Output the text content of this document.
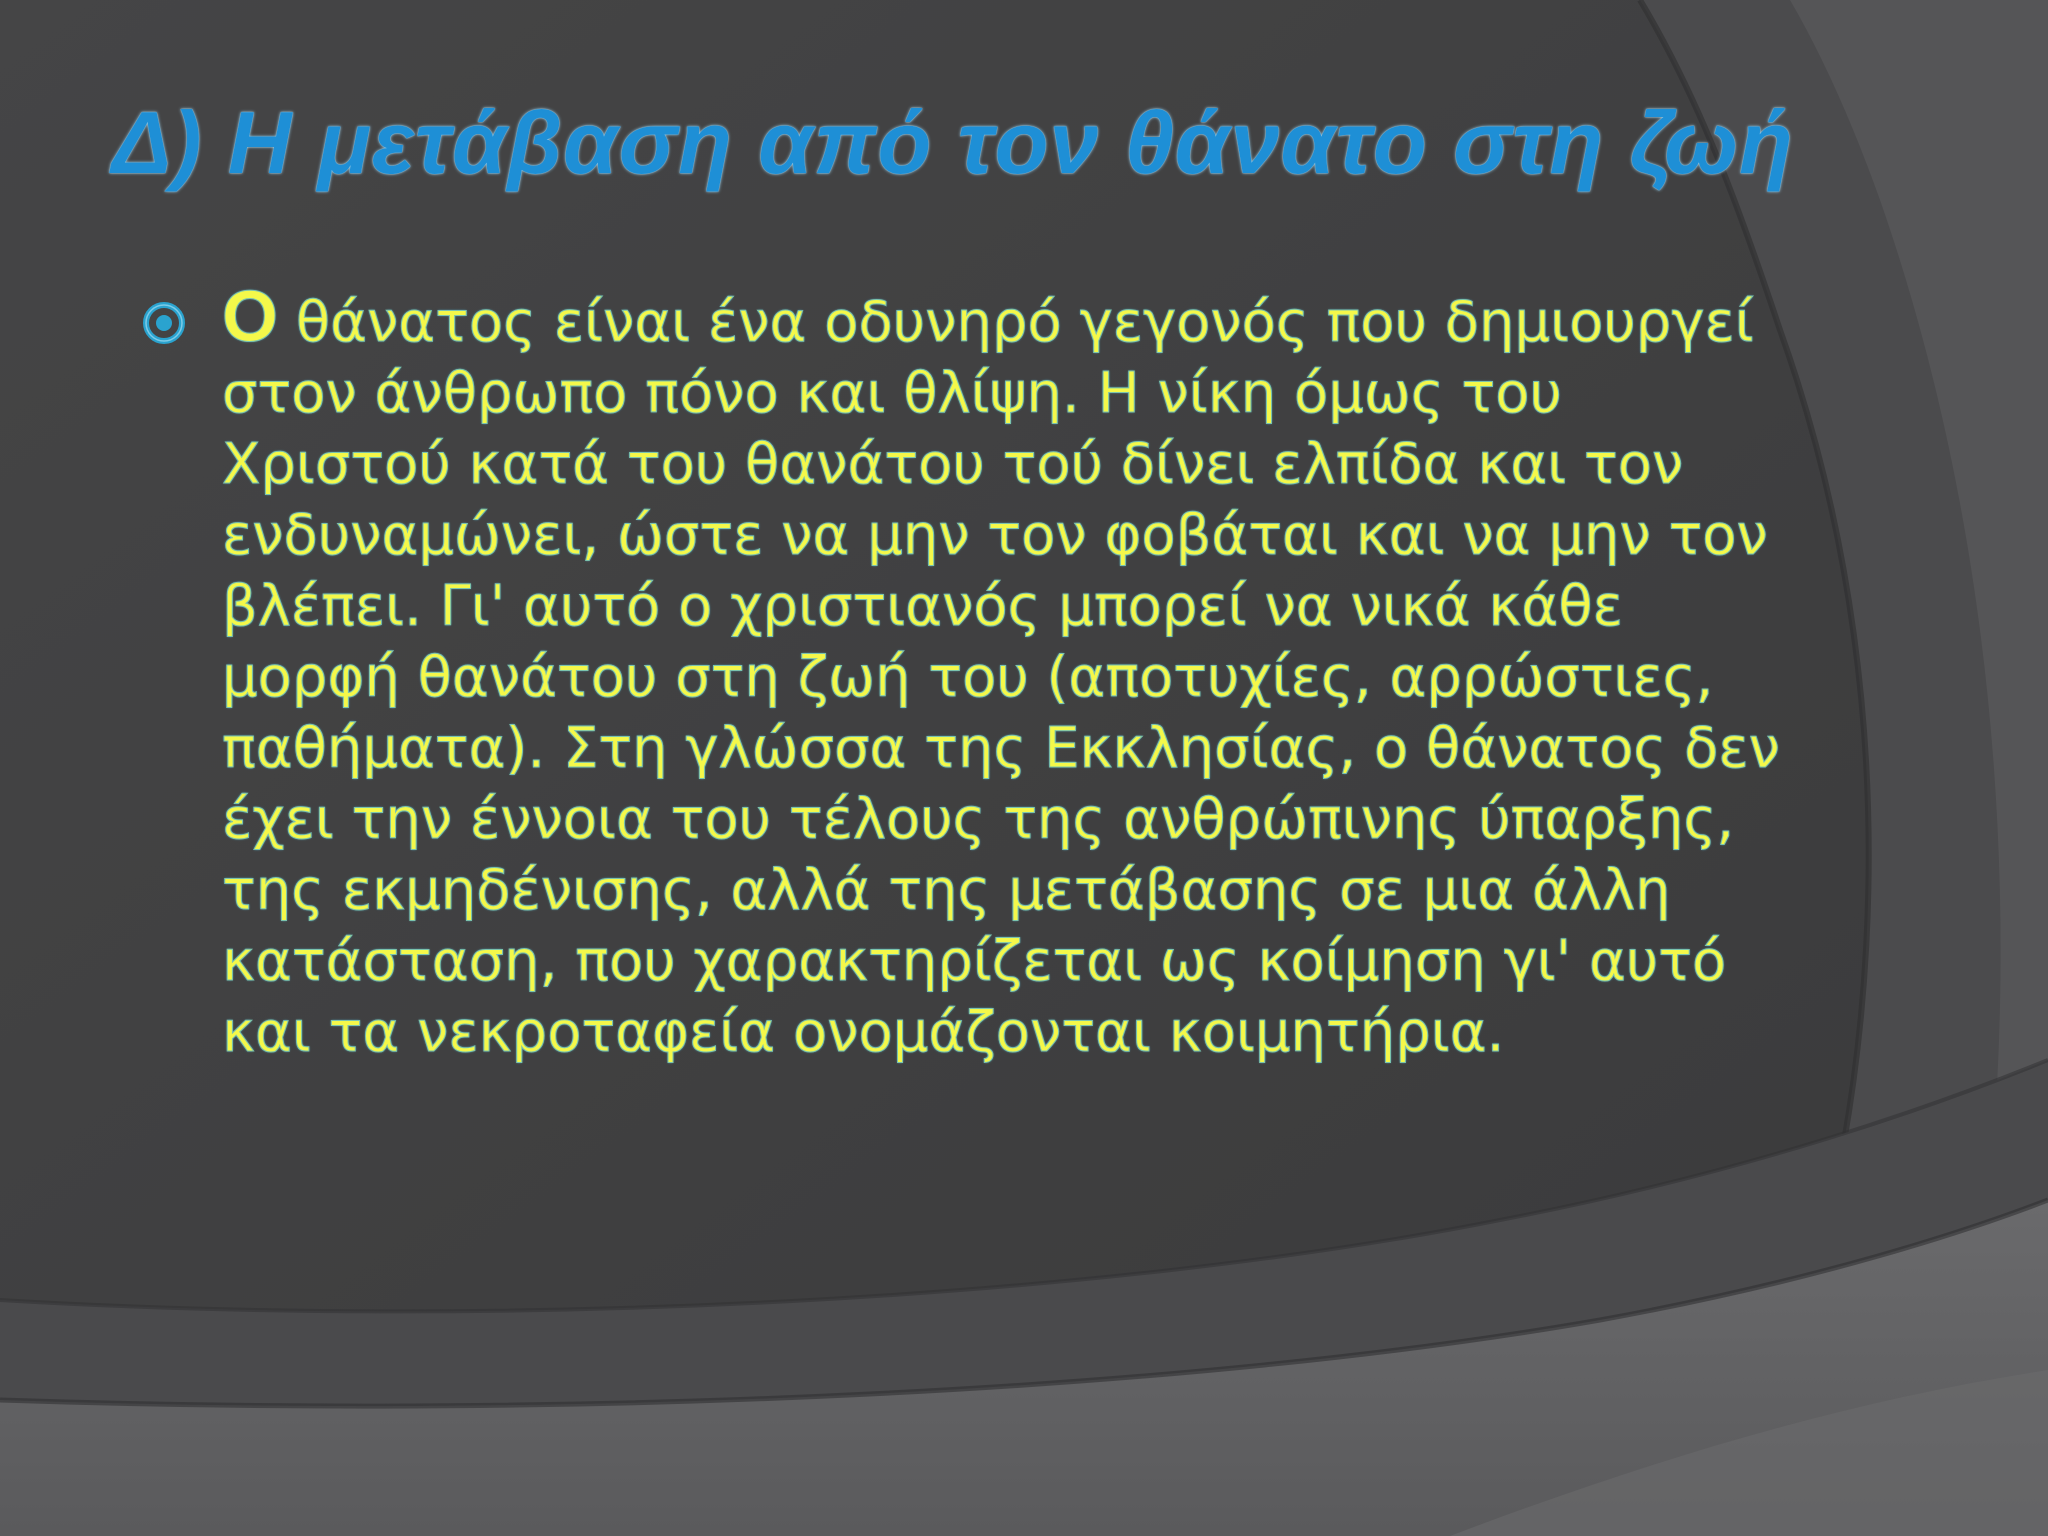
Δ) Η μετάβαση από τον θάνατο στη ζωή

Ο θάνατος είναι ένα οδυνηρό γεγονός που δημιουργεί στον άνθρωπο πόνο και θλίψη. Η νίκη όμως του Χριστού κατά του θανάτου τού δίνει ελπίδα και τον ενδυναμώνει, ώστε να μην τον φοβάται και να μην τον βλέπει. Γι' αυτό ο χριστιανός μπορεί να νικά κάθε μορφή θανάτου στη ζωή του (αποτυχίες, αρρώστιες, παθήματα). Στη γλώσσα της Εκκλησίας, ο θάνατος δεν έχει την έννοια του τέλους της ανθρώπινης ύπαρξης, της εκμηδένισης, αλλά της μετάβασης σε μια άλλη κατάσταση, που χαρακτηρίζεται ως κοίμηση γι' αυτό και τα νεκροταφεία ονομάζονται κοιμητήρια.
